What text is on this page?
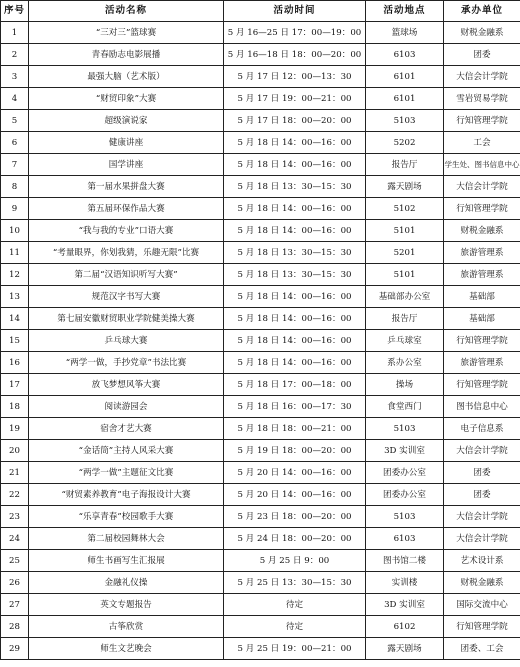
序号	活动名称	活动时间	活动地点	承办单位
1	“三对三”篮球赛	5 月 16—25 日 17：00—19：00	篮球场	财税金融系
2	青春励志电影展播	5 月 16—18 日 18：00—20：00	6103	团委
3	最强大脑（艺术版）	5 月 17 日 12：00—13：30	6101	大信会计学院
4	“财贸印象”大赛	5 月 17 日 19：00—21：00	6101	雪岩贸易学院
5	超级演说家	5 月 17 日 18：00—20：00	5103	行知管理学院
6	健康讲座	5 月 18 日 14：00—16：00	5202	工会
7	国学讲座	5 月 18 日 14：00—16：00	报告厅	学生处、图书信息中心
8	第一届水果拼盘大赛	5 月 18 日 13：30—15：30	露天剧场	大信会计学院
9	第五届环保作品大赛	5 月 18 日 14：00—16：00	5102	行知管理学院
10	“我与我的专业”口语大赛	5 月 18 日 14：00—16：00	5101	财税金融系
11	“考量眼界，你划我猜，乐趣无限”比赛	5 月 18 日 13：30—15：30	5201	旅游管理系
12	第二届“汉语知识听写大赛”	5 月 18 日 13：30—15：30	5101	旅游管理系
13	规范汉字书写大赛	5 月 18 日 14：00—16：00	基础部办公室	基础部
14	第七届安徽财贸职业学院健美操大赛	5 月 18 日 14：00—16：00	报告厅	基础部
15	乒乓球大赛	5 月 18 日 14：00—16：00	乒乓球室	行知管理学院
16	“两学一做，手抄党章”书法比赛	5 月 18 日 14：00—16：00	系办公室	旅游管理系
17	放飞梦想风筝大赛	5 月 18 日 17：00—18：00	操场	行知管理学院
18	阅读游园会	5 月 18 日 16：00—17：30	食堂西门	图书信息中心
19	宿舍才艺大赛	5 月 18 日 18：00—21：00	5103	电子信息系
20	“金话筒”主持人风采大赛	5 月 19 日 18：00—20：00	3D 实训室	大信会计学院
21	“两学一做”主题征文比赛	5 月 20 日 14：00—16：00	团委办公室	团委
22	“财贸素养教育”电子海报设计大赛	5 月 20 日 14：00—16：00	团委办公室	团委
23	“乐享青春”校园歌手大赛	5 月 23 日 18：00—20：00	5103	大信会计学院
24	第二届校园舞林大会	5 月 24 日 18：00—20：00	6103	大信会计学院
25	师生书画写生汇报展	5 月 25 日 9：00	图书馆二楼	艺术设计系
26	金融礼仪操	5 月 25 日 13：30—15：30	实训楼	财税金融系
27	英文专题报告	待定	3D 实训室	国际交流中心
28	古筝欣赏	待定	6102	行知管理学院
29	师生文艺晚会	5 月 25 日 19：00—21：00	露天剧场	团委、工会
